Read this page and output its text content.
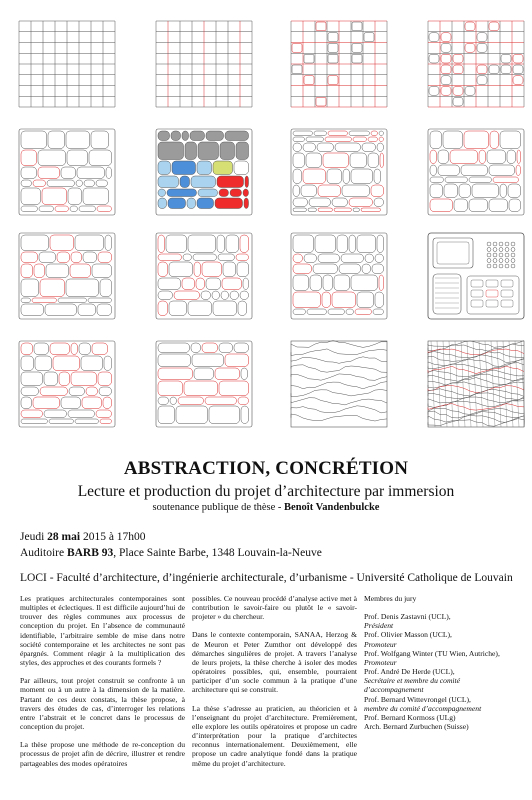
ABSTRACTION, CONCRÉTION
Lecture et production du projet d’architecture par immersion
soutenance publique de thèse - Benoît Vandenbulcke
Jeudi 28 mai 2015 à 17h00
Auditoire BARB 93, Place Sainte Barbe, 1348 Louvain-la-Neuve
LOCI - Faculté d’architecture, d’ingénierie architecturale, d’urbanisme - Université Catholique de Louvain

Les pratiques architecturales contemporaines sont multiples et éclectiques. Il est difficile aujourd’hui de trouver des règles communes aux processus de conception du projet. En l’absence de communauté identifiable, l’arbitraire semble de mise dans notre société contemporaine et les architectes ne sont pas épargnés. Comment réagir à la multiplication des styles, des approches et des courants formels ?

Par ailleurs, tout projet construit se confronte à un moment ou à un autre à la dimension de la matière. Partant de ces deux constats, la thèse propose, à travers des études de cas, d’interroger les relations entre l’abstrait et le concret dans le processus de conception du projet.

La thèse propose une méthode de re-conception du processus de projet afin de décrire, illustrer et rendre partageables des modes opératoires

possibles. Ce nouveau procédé d’analyse active met à contribution le savoir-faire ou plutôt le « savoir-projeter » du chercheur.

Dans le contexte contemporain, SANAA, Herzog & de Meuron et Peter Zumthor ont développé des démarches singulières de projet. A travers l’analyse de leurs projets, la thèse cherche à isoler des modes opératoires possibles, qui, ensemble, pourraient participer d’un socle commun à la pratique d’une architecture qui se construit.

La thèse s’adresse au praticien, au théoricien et à l’enseignant du projet d’architecture. Premièrement, elle explore les outils opératoires et propose un cadre d’interprétation pour la pratique d’architectes reconnus internationalement. Deuxièmement, elle propose un cadre analytique fondé dans la pratique même du projet d’architecture.

Membres du jury

Prof. Denis Zastavni (UCL),
Président
Prof. Olivier Masson (UCL),
Promoteur
Prof. Wolfgang Winter (TU Wien, Autriche),
Promoteur
Prof. André De Herde (UCL),
Secrétaire et membre du comité d’accompagnement
Prof. Bernard Wittevrongel (UCL),
membre du comité d’accompagnement
Prof. Bernard Kormoss (ULg)
Arch. Bernard Zurbuchen (Suisse)
